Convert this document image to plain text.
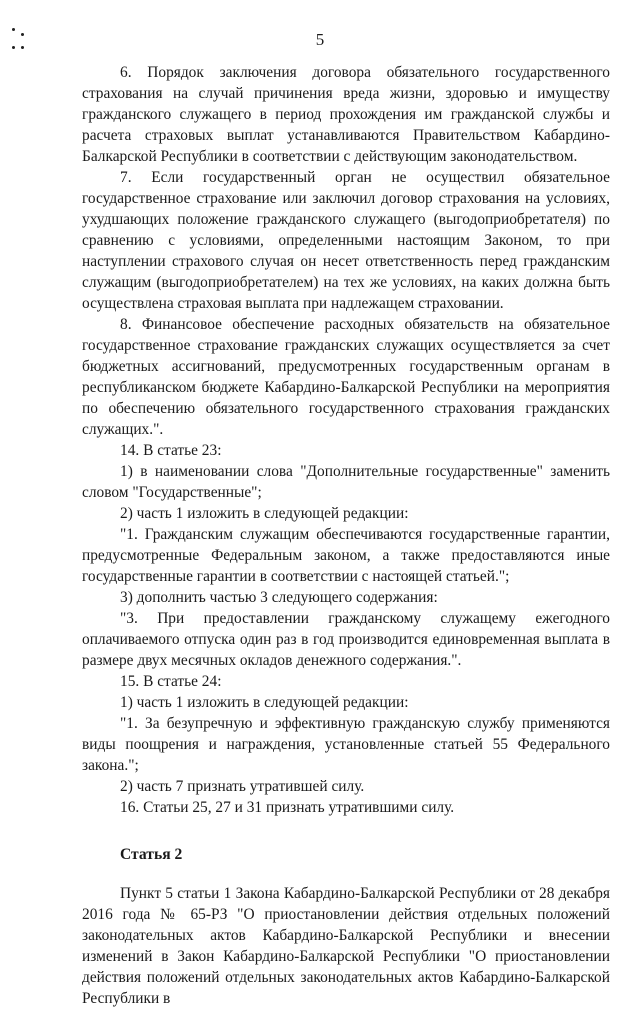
5

6. Порядок заключения договора обязательного государственного страхования на случай причинения вреда жизни, здоровью и имуществу гражданского служащего в период прохождения им гражданской службы и расчета страховых выплат устанавливаются Правительством Кабардино-Балкарской Республики в соответствии с действующим законодательством.

7. Если государственный орган не осуществил обязательное государственное страхование или заключил договор страхования на условиях, ухудшающих положение гражданского служащего (выгодоприобретателя) по сравнению с условиями, определенными настоящим Законом, то при наступлении страхового случая он несет ответственность перед гражданским служащим (выгодоприобретателем) на тех же условиях, на каких должна быть осуществлена страховая выплата при надлежащем страховании.

8. Финансовое обеспечение расходных обязательств на обязательное государственное страхование гражданских служащих осуществляется за счет бюджетных ассигнований, предусмотренных государственным органам в республиканском бюджете Кабардино-Балкарской Республики на мероприятия по обеспечению обязательного государственного страхования гражданских служащих.".

14. В статье 23:

1) в наименовании слова "Дополнительные государственные" заменить словом "Государственные";

2) часть 1 изложить в следующей редакции:

"1. Гражданским служащим обеспечиваются государственные гарантии, предусмотренные Федеральным законом, а также предоставляются иные государственные гарантии в соответствии с настоящей статьей.";

3) дополнить частью 3 следующего содержания:

"3. При предоставлении гражданскому служащему ежегодного оплачиваемого отпуска один раз в год производится единовременная выплата в размере двух месячных окладов денежного содержания.".

15. В статье 24:

1) часть 1 изложить в следующей редакции:

"1. За безупречную и эффективную гражданскую службу применяются виды поощрения и награждения, установленные статьей 55 Федерального закона.";

2) часть 7 признать утратившей силу.

16. Статьи 25, 27 и 31 признать утратившими силу.

Статья 2

Пункт 5 статьи 1 Закона Кабардино-Балкарской Республики от 28 декабря 2016 года № 65-РЗ "О приостановлении действия отдельных положений законодательных актов Кабардино-Балкарской Республики и внесении изменений в Закон Кабардино-Балкарской Республики "О приостановлении действия положений отдельных законодательных актов Кабардино-Балкарской Республики в
